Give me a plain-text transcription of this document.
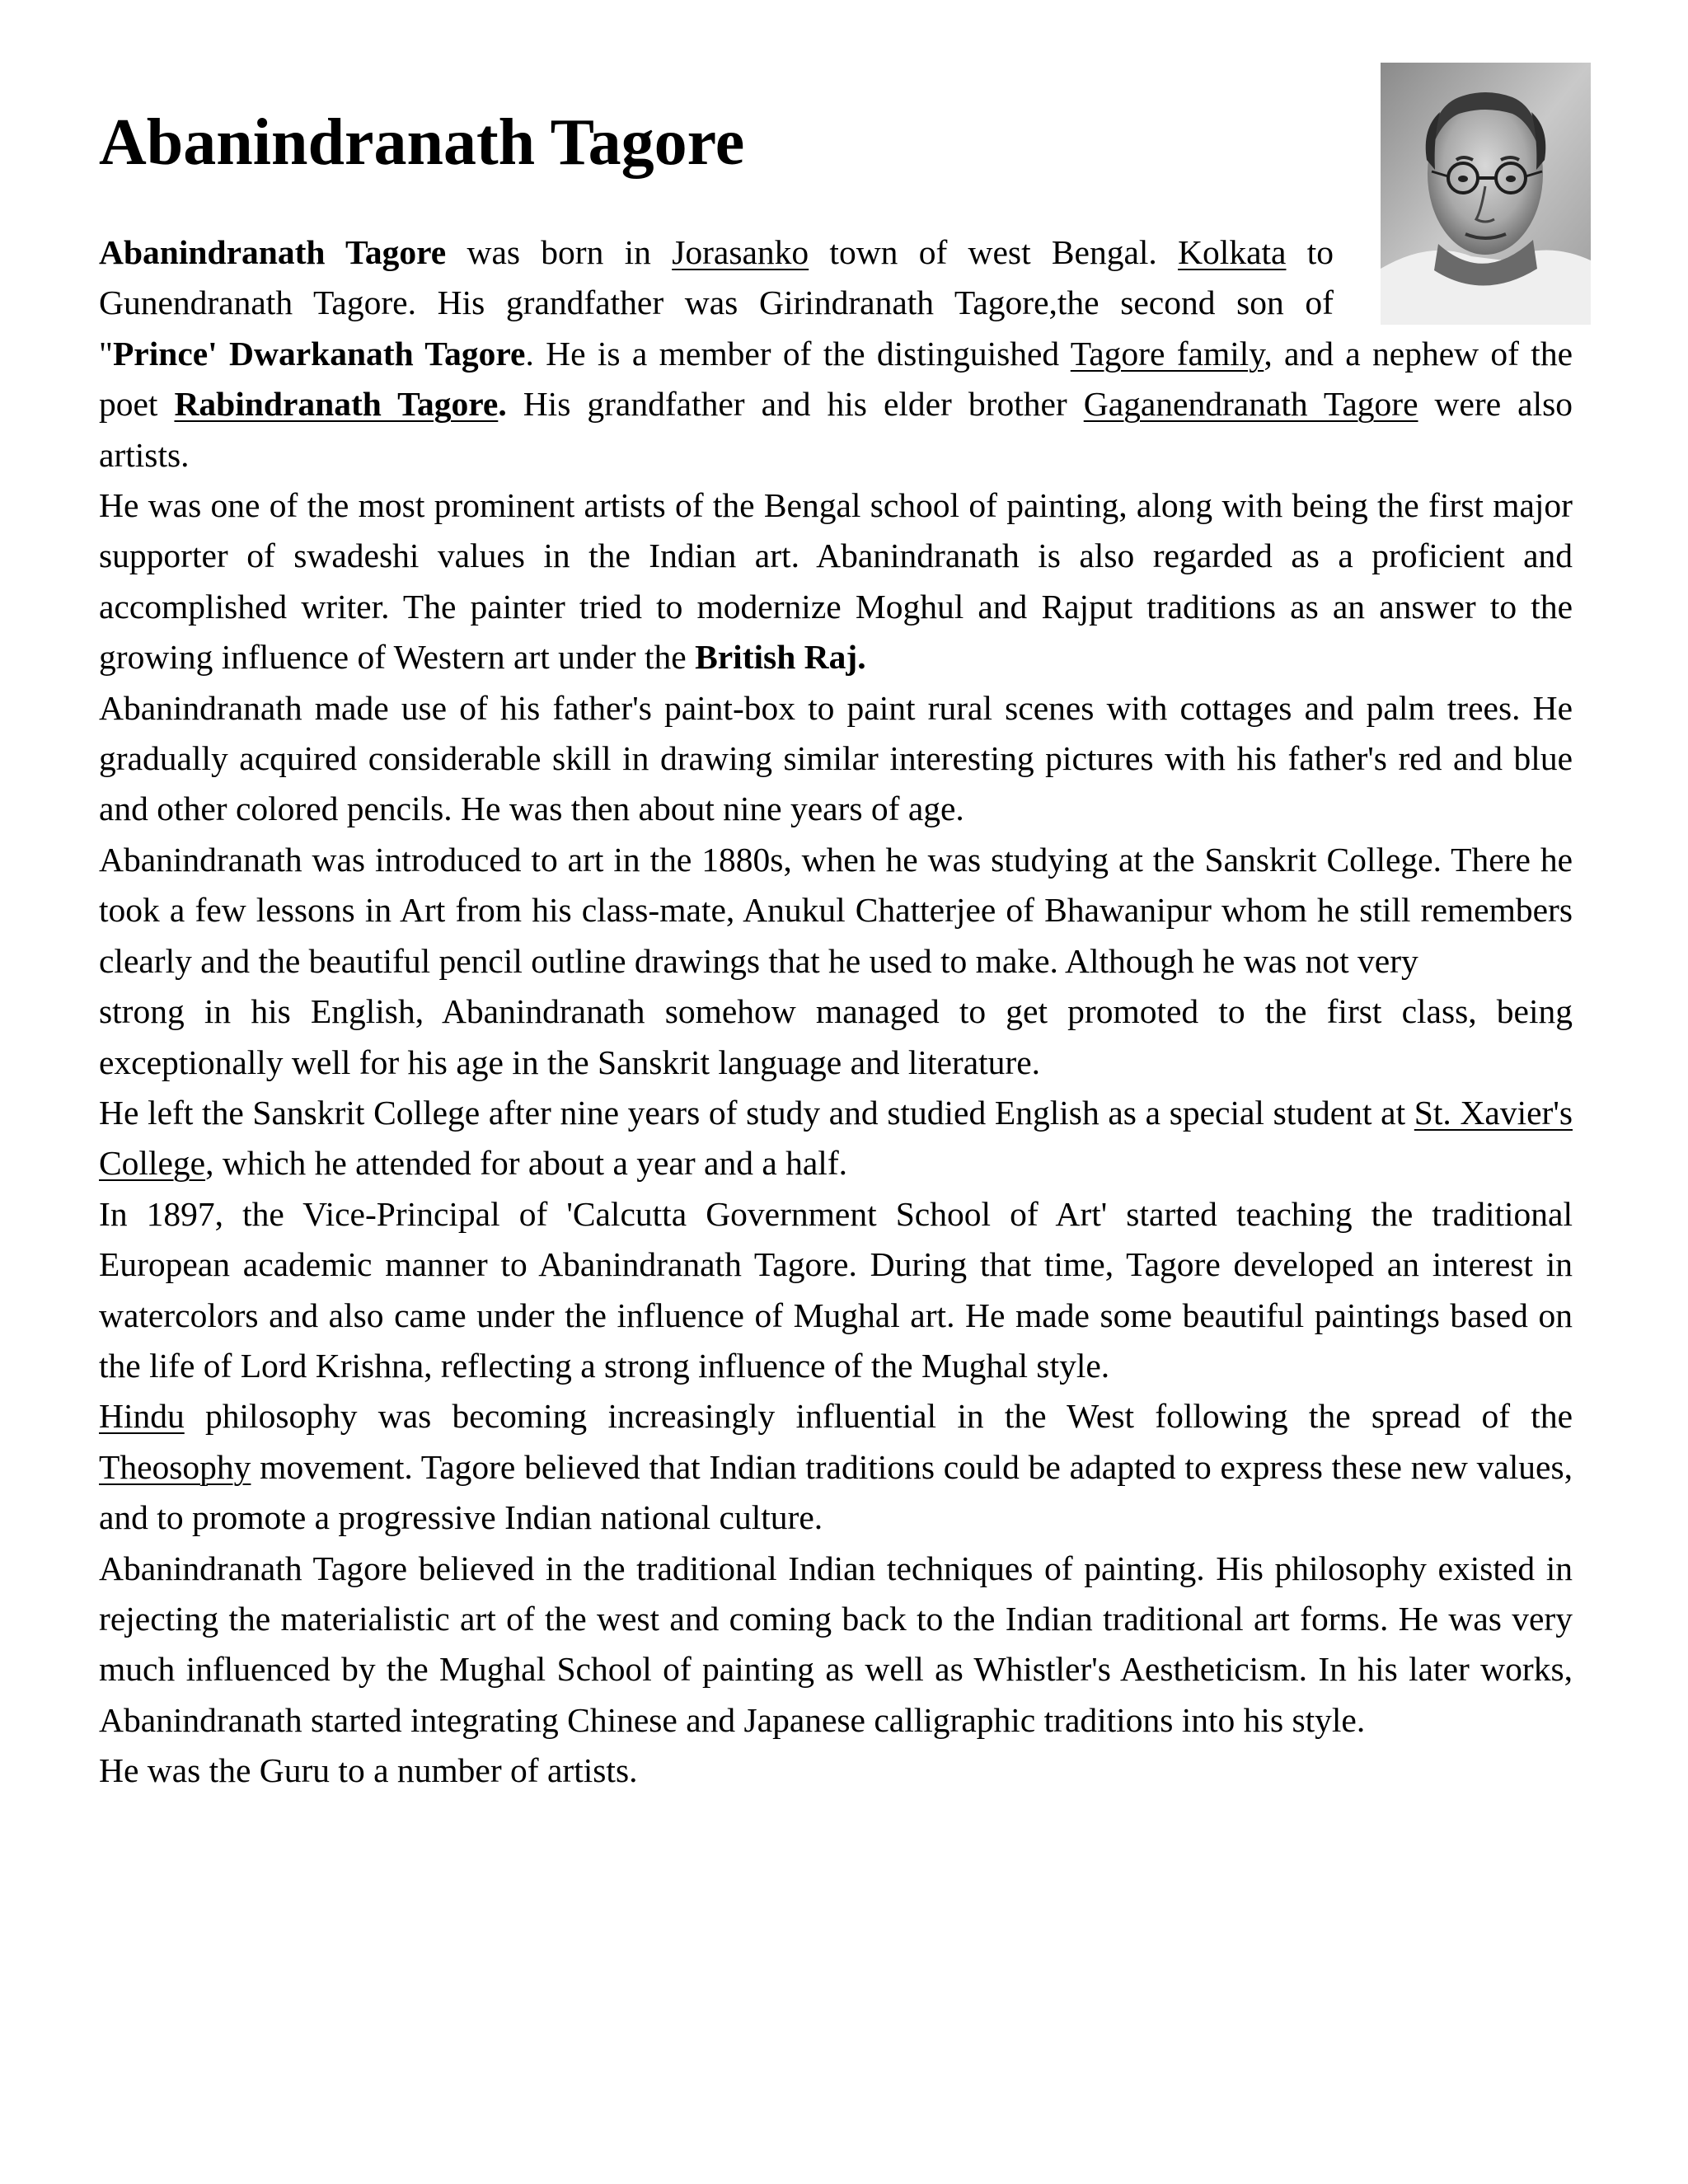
Abanindranath Tagore

Abanindranath Tagore was born in Jorasanko town of west Bengal. Kolkata to Gunendranath Tagore. His grandfather was Girindranath Tagore,the second son of "Prince' Dwarkanath Tagore. He is a member of the distinguished Tagore family, and a nephew of the poet Rabindranath Tagore. His grandfather and his elder brother Gaganendranath Tagore were also artists.

He was one of the most prominent artists of the Bengal school of painting, along with being the first major supporter of swadeshi values in the Indian art. Abanindranath is also regarded as a proficient and accomplished writer. The painter tried to modernize Moghul and Rajput traditions as an answer to the growing influence of Western art under the British Raj.

Abanindranath made use of his father's paint-box to paint rural scenes with cottages and palm trees. He gradually acquired considerable skill in drawing similar interesting pictures with his father's red and blue and other colored pencils. He was then about nine years of age.

Abanindranath was introduced to art in the 1880s, when he was studying at the Sanskrit College. There he took a few lessons in Art from his class-mate, Anukul Chatterjee of Bhawanipur whom he still remembers clearly and the beautiful pencil outline drawings that he used to make. Although he was not very

strong in his English, Abanindranath somehow managed to get promoted to the first class, being exceptionally well for his age in the Sanskrit language and literature.

He left the Sanskrit College after nine years of study and studied English as a special student at St. Xavier's College, which he attended for about a year and a half.

In 1897, the Vice-Principal of 'Calcutta Government School of Art' started teaching the traditional European academic manner to Abanindranath Tagore. During that time, Tagore developed an interest in watercolors and also came under the influence of Mughal art. He made some beautiful paintings based on the life of Lord Krishna, reflecting a strong influence of the Mughal style.

Hindu philosophy was becoming increasingly influential in the West following the spread of the Theosophy movement. Tagore believed that Indian traditions could be adapted to express these new values, and to promote a progressive Indian national culture.

Abanindranath Tagore believed in the traditional Indian techniques of painting. His philosophy existed in rejecting the materialistic art of the west and coming back to the Indian traditional art forms. He was very much influenced by the Mughal School of painting as well as Whistler's Aestheticism. In his later works, Abanindranath started integrating Chinese and Japanese calligraphic traditions into his style.

He was the Guru to a number of artists.
